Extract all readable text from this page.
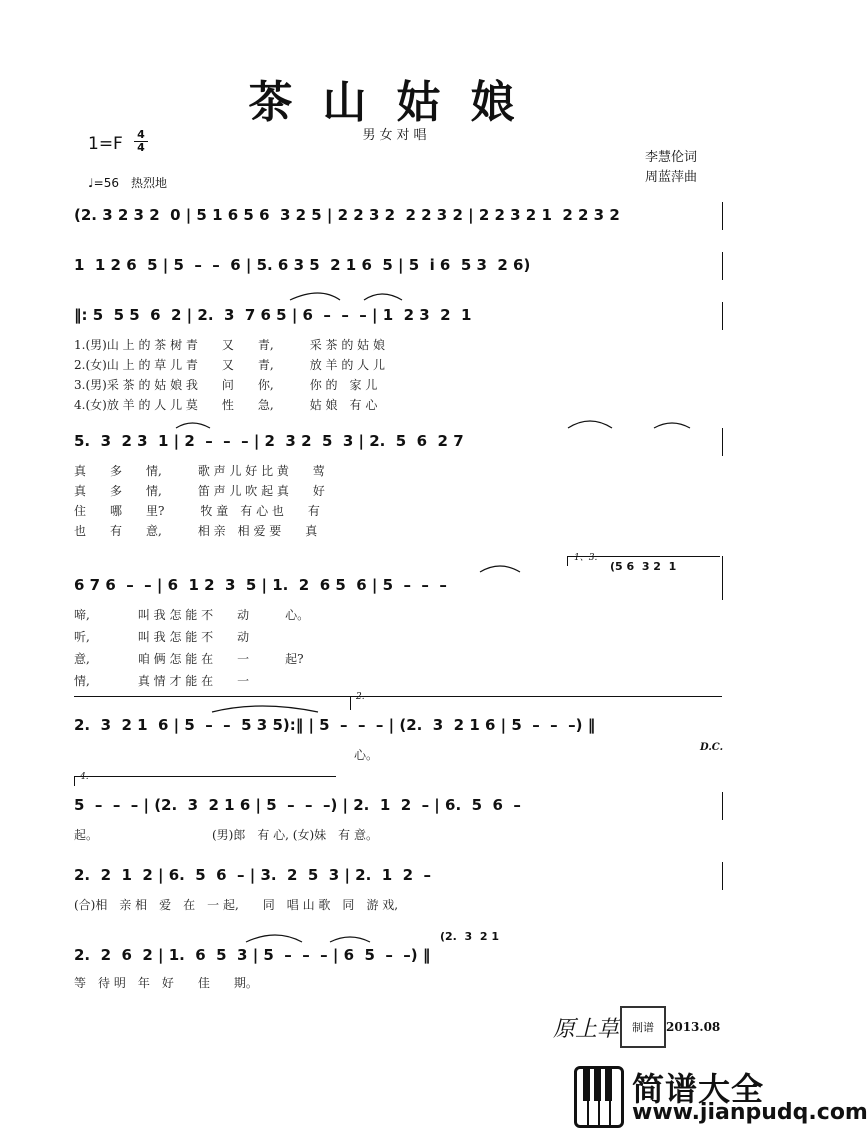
茶山姑娘
男女对唱
1=F 4
4
♩=56　热烈地
李慧伦词
周蓝萍曲
(2. 3 2 3 2  0 | 5 1 6 5 6  3 2 5 | 2 2 3 2  2 2 3 2 | 2 2 3 2 1  2 2 3 2
1  1 2 6  5 | 5  –  –  6 | 5. 6 3 5  2 1 6  5 | 5  i 6  5 3  2 6)
‖: 5  5 5  6  2 | 2.  3  7 6 5 | 6  –  –  – | 1  2 3  2  1
1.(男)山 上 的 茶 树 青　　又　　青,　　　采 茶 的 姑 娘
2.(女)山 上 的 草 儿 青　　又　　青,　　　放 羊 的 人 儿
3.(男)采 茶 的 姑 娘 我　　问　　你,　　　你 的　家 儿
4.(女)放 羊 的 人 儿 莫　　性　　急,　　　姑 娘　有 心
5.  3  2 3  1 | 2  –  –  – | 2  3 2  5  3 | 2.  5  6  2 7
真　　多　　情,　　　歌 声 儿 好 比 黄　　莺
真　　多　　情,　　　笛 声 儿 吹 起 真　　好
住　　哪　　里?　　　牧 童　有 心 也　　有
也　　有　　意,　　　相 亲　相 爱 要　　真
1、3.
(5 6  3 2  1
6 7 6  –  – | 6  1 2  3  5 | 1.  2  6 5  6 | 5  –  –  –
啼,　　　　叫 我 怎 能 不　　动　　　心。
听,　　　　叫 我 怎 能 不　　动
意,　　　　咱 俩 怎 能 在　　一　　　起?
情,　　　　真 情 才 能 在　　一
2.
2.  3  2 1  6 | 5  –  –  5 3 5):‖ | 5  –  –  – | (2.  3  2 1 6 | 5  –  –  –) ‖
D.C.
心。
4.
5  –  –  – | (2.  3  2 1 6 | 5  –  –  –) | 2.  1  2  – | 6.  5  6  –
起。　　　　　　　　　　(男)郎　有 心, (女)妹　有 意。
2.  2  1  2 | 6.  5  6  – | 3.  2  5  3 | 2.  1  2  –
(合)相　亲 相　爱　在　一 起,　　同　唱 山 歌　同　游 戏,
(2.  3  2 1
2.  2  6  2 | 1.  6  5  3 | 5  –  –  – | 6  5  –  –) ‖
等　待 明　年　好　　佳　　期。
原上草	制谱	2013.08
简谱大全
www.jianpudq.com
